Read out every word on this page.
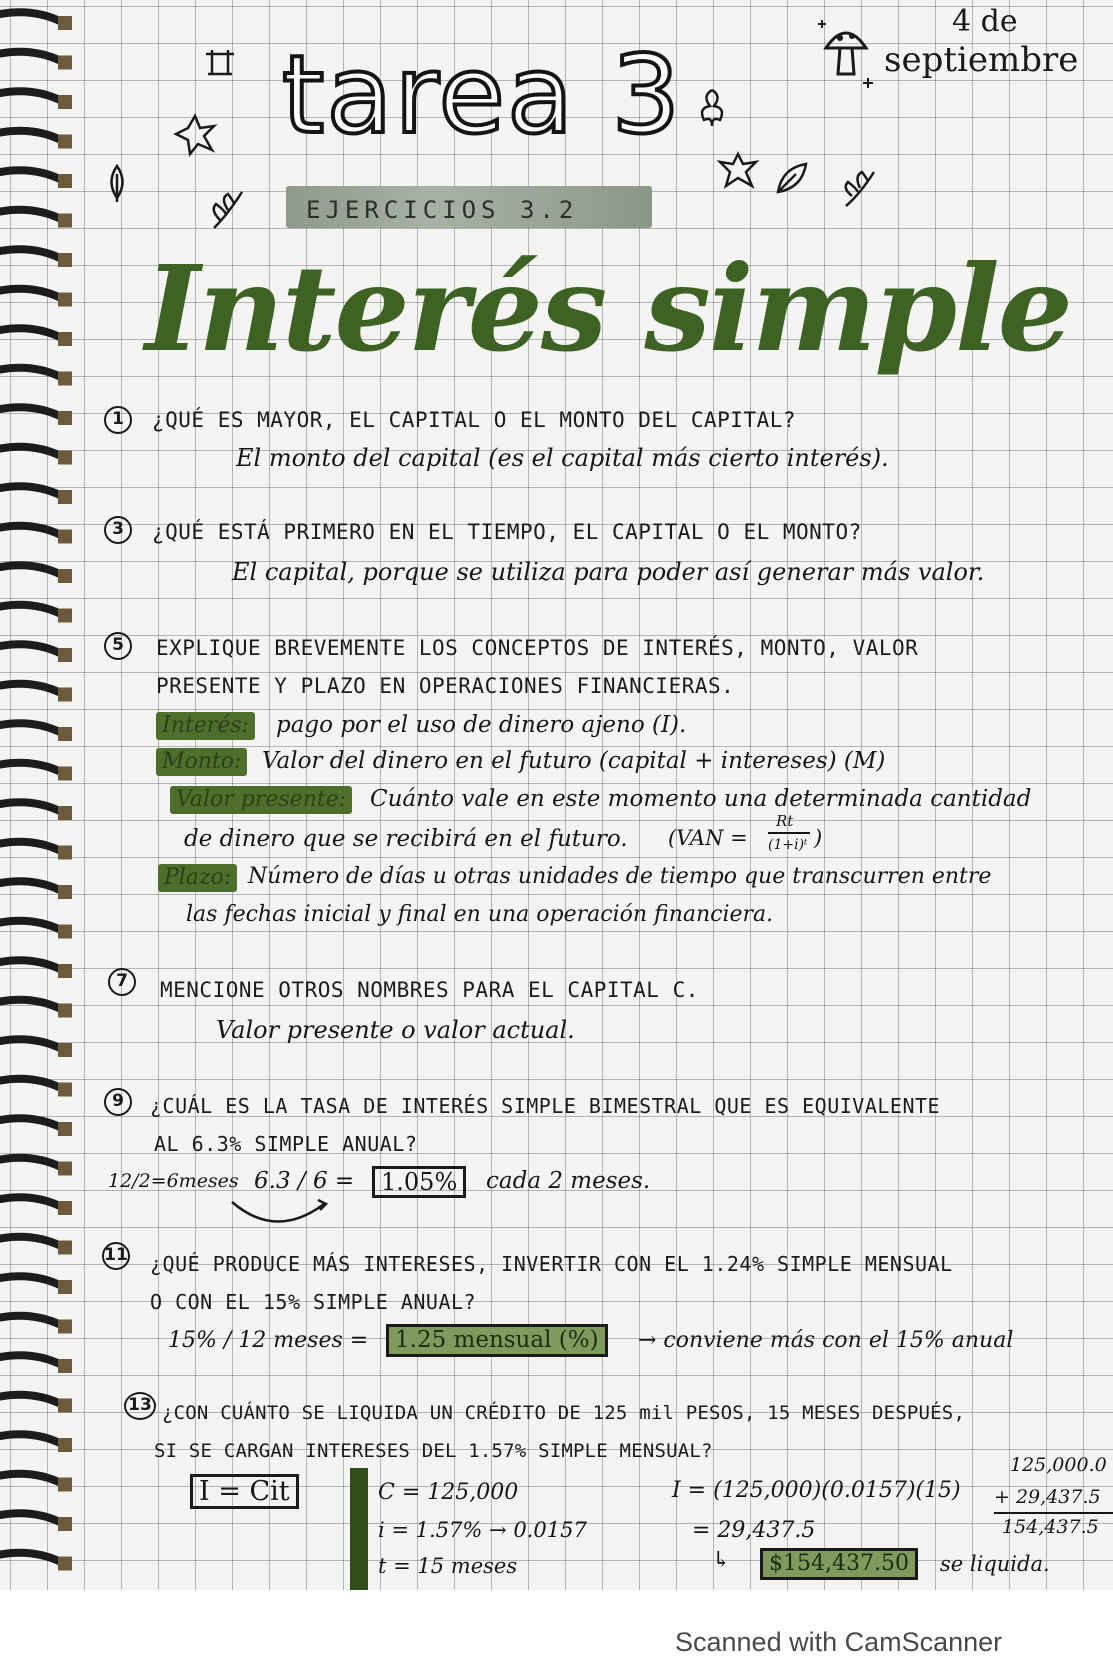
4 de
septiembre
tarea 3
EJERCICIOS 3.2
Interés simple
1	¿QUÉ ES MAYOR, EL CAPITAL O EL MONTO DEL CAPITAL?
El monto del capital (es el capital más cierto interés).
3	¿QUÉ ESTÁ PRIMERO EN EL TIEMPO, EL CAPITAL O EL MONTO?
El capital, porque se utiliza para poder así generar más valor.
5	EXPLIQUE BREVEMENTE LOS CONCEPTOS DE INTERÉS, MONTO, VALOR
PRESENTE Y PLAZO EN OPERACIONES FINANCIERAS.
Interés: pago por el uso de dinero ajeno (I).
Monto: Valor del dinero en el futuro (capital + intereses) (M)
Valor presente: Cuánto vale en este momento una determinada cantidad
de dinero que se recibirá en el futuro. (VAN =
Rt
(1+i)ᵗ )
Plazo: Número de días u otras unidades de tiempo que transcurren entre
las fechas inicial y final en una operación financiera.
7	MENCIONE OTROS NOMBRES PARA EL CAPITAL C.
Valor presente o valor actual.
9	¿CUÁL ES LA TASA DE INTERÉS SIMPLE BIMESTRAL QUE ES EQUIVALENTE
AL 6.3% SIMPLE ANUAL?
12/2=6meses 6.3 / 6 =	1.05%	cada 2 meses.
11 ¿QUÉ PRODUCE MÁS INTERESES, INVERTIR CON EL 1.24% SIMPLE MENSUAL
O CON EL 15% SIMPLE ANUAL?
15% / 12 meses =	1.25 mensual (%)	→ conviene más con el 15% anual
13 ¿CON CUÁNTO SE LIQUIDA UN CRÉDITO DE 125 mil PESOS, 15 MESES DESPUÉS,
SI SE CARGAN INTERESES DEL 1.57% SIMPLE MENSUAL?
I = Cit	C = 125,000
i = 1.57% → 0.0157
t = 15 meses
I = (125,000)(0.0157)(15)
= 29,437.5
↳	$154,437.50	se liquida.
125,000.0
+ 29,437.5
154,437.5
Scanned with CamScanner
